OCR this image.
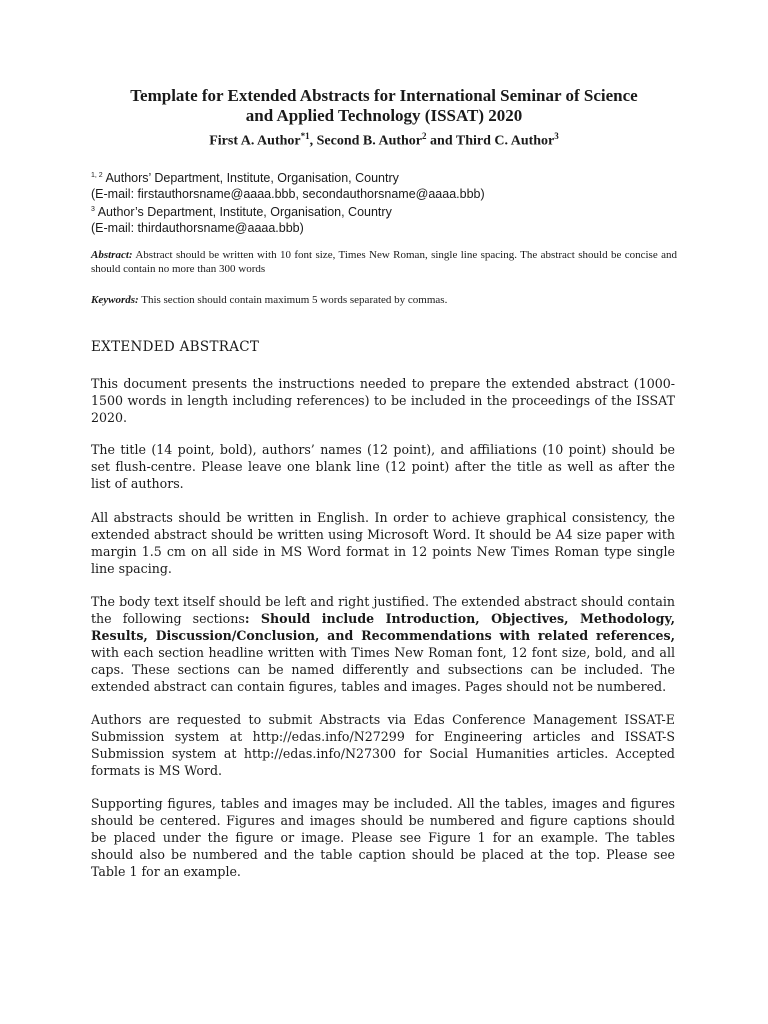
Template for Extended Abstracts for International Seminar of Science
and Applied Technology (ISSAT) 2020
First A. Author$^{*1}$, Second B. Author$^2$ and Third C. Author$^3$
$^{1, 2}$ Authors’ Department, Institute, Organisation, Country
(E-mail: firstauthorsname@aaaa.bbb, secondauthorsname@aaaa.bbb)
$^3$ Author’s Department, Institute, Organisation, Country
(E-mail: thirdauthorsname@aaaa.bbb)
Abstract: Abstract should be written with 10 font size, Times New Roman, single line spacing. The abstract should be concise and should contain no more than 300 words
Keywords: This section should contain maximum 5 words separated by commas.
EXTENDED ABSTRACT

This document presents the instructions needed to prepare the extended abstract (1000-1500 words in length including references) to be included in the proceedings of the ISSAT 2020.

The title (14 point, bold), authors’ names (12 point), and affiliations (10 point) should be set flush-centre. Please leave one blank line (12 point) after the title as well as after the list of authors.

All abstracts should be written in English. In order to achieve graphical consistency, the extended abstract should be written using Microsoft Word. It should be A4 size paper with margin 1.5 cm on all side in MS Word format in 12 points New Times Roman type single line spacing.

The body text itself should be left and right justified. The extended abstract should contain the following sections: Should include Introduction, Objectives, Methodology, Results, Discussion/Conclusion, and Recommendations with related references, with each section headline written with Times New Roman font, 12 font size, bold, and all caps. These sections can be named differently and subsections can be included. The extended abstract can contain figures, tables and images. Pages should not be numbered.

Authors are requested to submit Abstracts via Edas Conference Management ISSAT-E Submission system at http://edas.info/N27299 for Engineering articles and ISSAT-S Submission system at http://edas.info/N27300 for Social Humanities articles. Accepted formats is MS Word.

Supporting figures, tables and images may be included. All the tables, images and figures should be centered. Figures and images should be numbered and figure captions should be placed under the figure or image. Please see Figure 1 for an example. The tables should also be numbered and the table caption should be placed at the top. Please see Table 1 for an example.
